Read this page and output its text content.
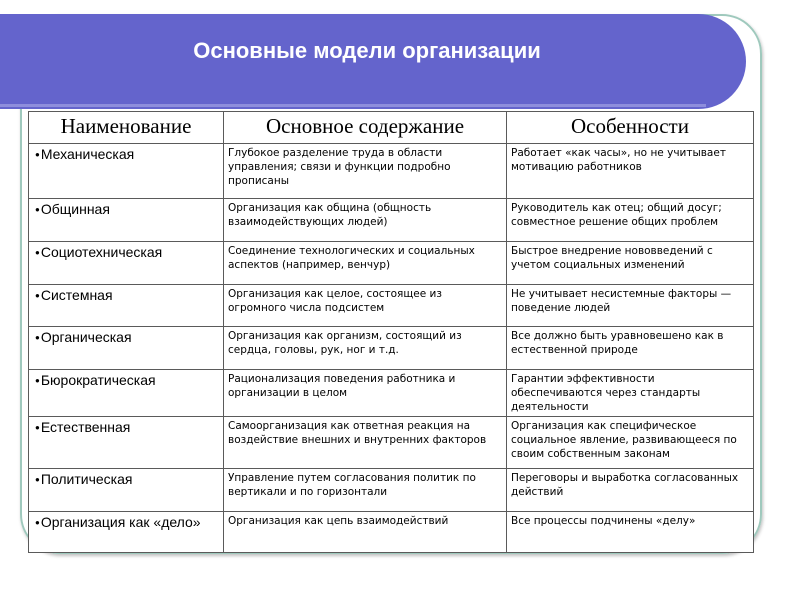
Основные модели организации
Наименование	Основное содержание	Особенности
●Механическая	Глубокое разделение труда в области управления; связи и функции подробно прописаны	Работает «как часы», но не учитывает мотивацию работников
●Общинная	Организация как община (общность взаимодействующих людей)	Руководитель как отец; общий досуг; совместное решение общих проблем
●Социотехническая	Соединение технологических и социальных аспектов (например, венчур)	Быстрое внедрение нововведений с учетом социальных изменений
●Системная	Организация как целое, состоящее из огромного числа подсистем	Не учитывает несистемные факторы — поведение людей
●Органическая	Организация как организм, состоящий из сердца, головы, рук, ног и т.д.	Все должно быть уравновешено как в естественной природе
●Бюрократическая	Рационализация поведения работника и организации в целом	Гарантии эффективности обеспечиваются через стандарты деятельности
●Естественная	Самоорганизация как ответная реакция на воздействие внешних и внутренних факторов	Организация как специфическое социальное явление, развивающееся по своим собственным законам
●Политическая	Управление путем согласования политик по вертикали и по горизонтали	Переговоры и выработка согласованных действий
●Организация как «дело»	Организация как цепь взаимодействий	Все процессы подчинены «делу»
